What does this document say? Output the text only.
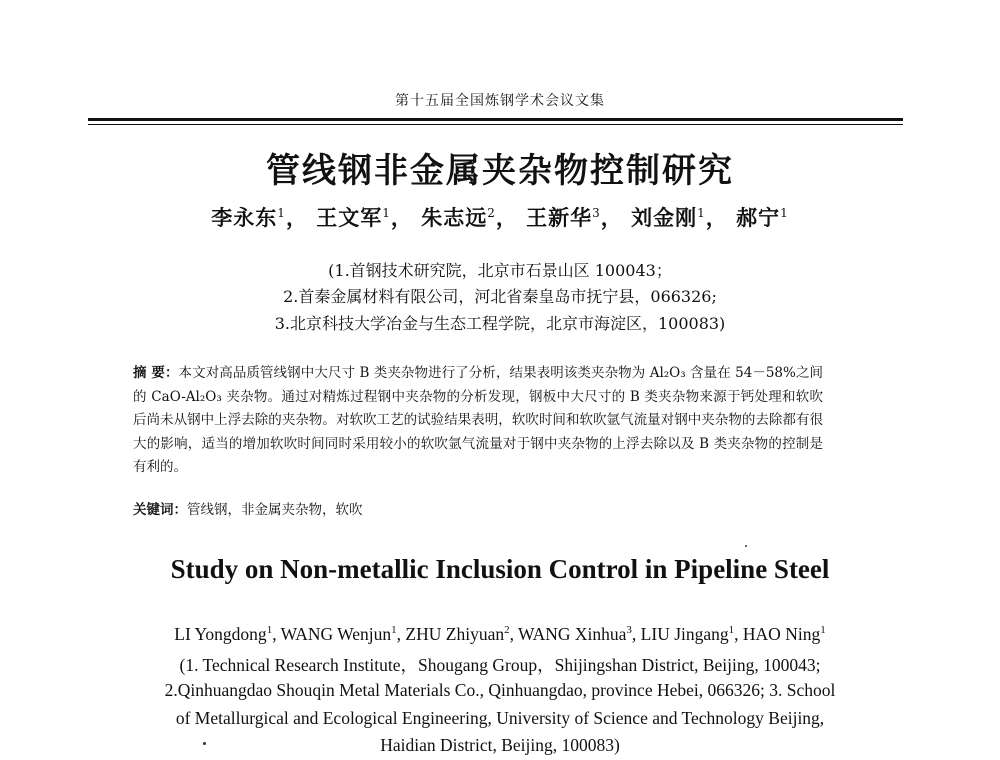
第十五届全国炼钢学术会议文集
管线钢非金属夹杂物控制研究
李永东$^1$， 王文军$^1$， 朱志远$^2$， 王新华$^3$， 刘金刚$^1$， 郝宁$^1$
(1.首钢技术研究院，北京市石景山区 100043；
2.首秦金属材料有限公司，河北省秦皇岛市抚宁县，066326;
3.北京科技大学冶金与生态工程学院，北京市海淀区，100083)
摘 要：本文对高品质管线钢中大尺寸 B 类夹杂物进行了分析，结果表明该类夹杂物为 Al₂O₃ 含量在 54－58%之间的 CaO-Al₂O₃ 夹杂物。通过对精炼过程钢中夹杂物的分析发现，钢板中大尺寸的 B 类夹杂物来源于钙处理和软吹后尚未从钢中上浮去除的夹杂物。对软吹工艺的试验结果表明，软吹时间和软吹氩气流量对钢中夹杂物的去除都有很大的影响，适当的增加软吹时间同时采用较小的软吹氩气流量对于钢中夹杂物的上浮去除以及 B 类夹杂物的控制是有利的。
关键词：管线钢，非金属夹杂物，软吹
Study on Non-metallic Inclusion Control in Pipeline Steel
LI Yongdong$^1$, WANG Wenjun$^1$, ZHU Zhiyuan$^2$, WANG Xinhua$^3$, LIU Jingang$^1$, HAO Ning$^1$
(1. Technical Research Institute，Shougang Group，Shijingshan District, Beijing, 100043;
2.Qinhuangdao Shouqin Metal Materials Co., Qinhuangdao, province Hebei, 066326; 3. School
of Metallurgical and Ecological Engineering, University of Science and Technology Beijing,
Haidian District, Beijing, 100083)
